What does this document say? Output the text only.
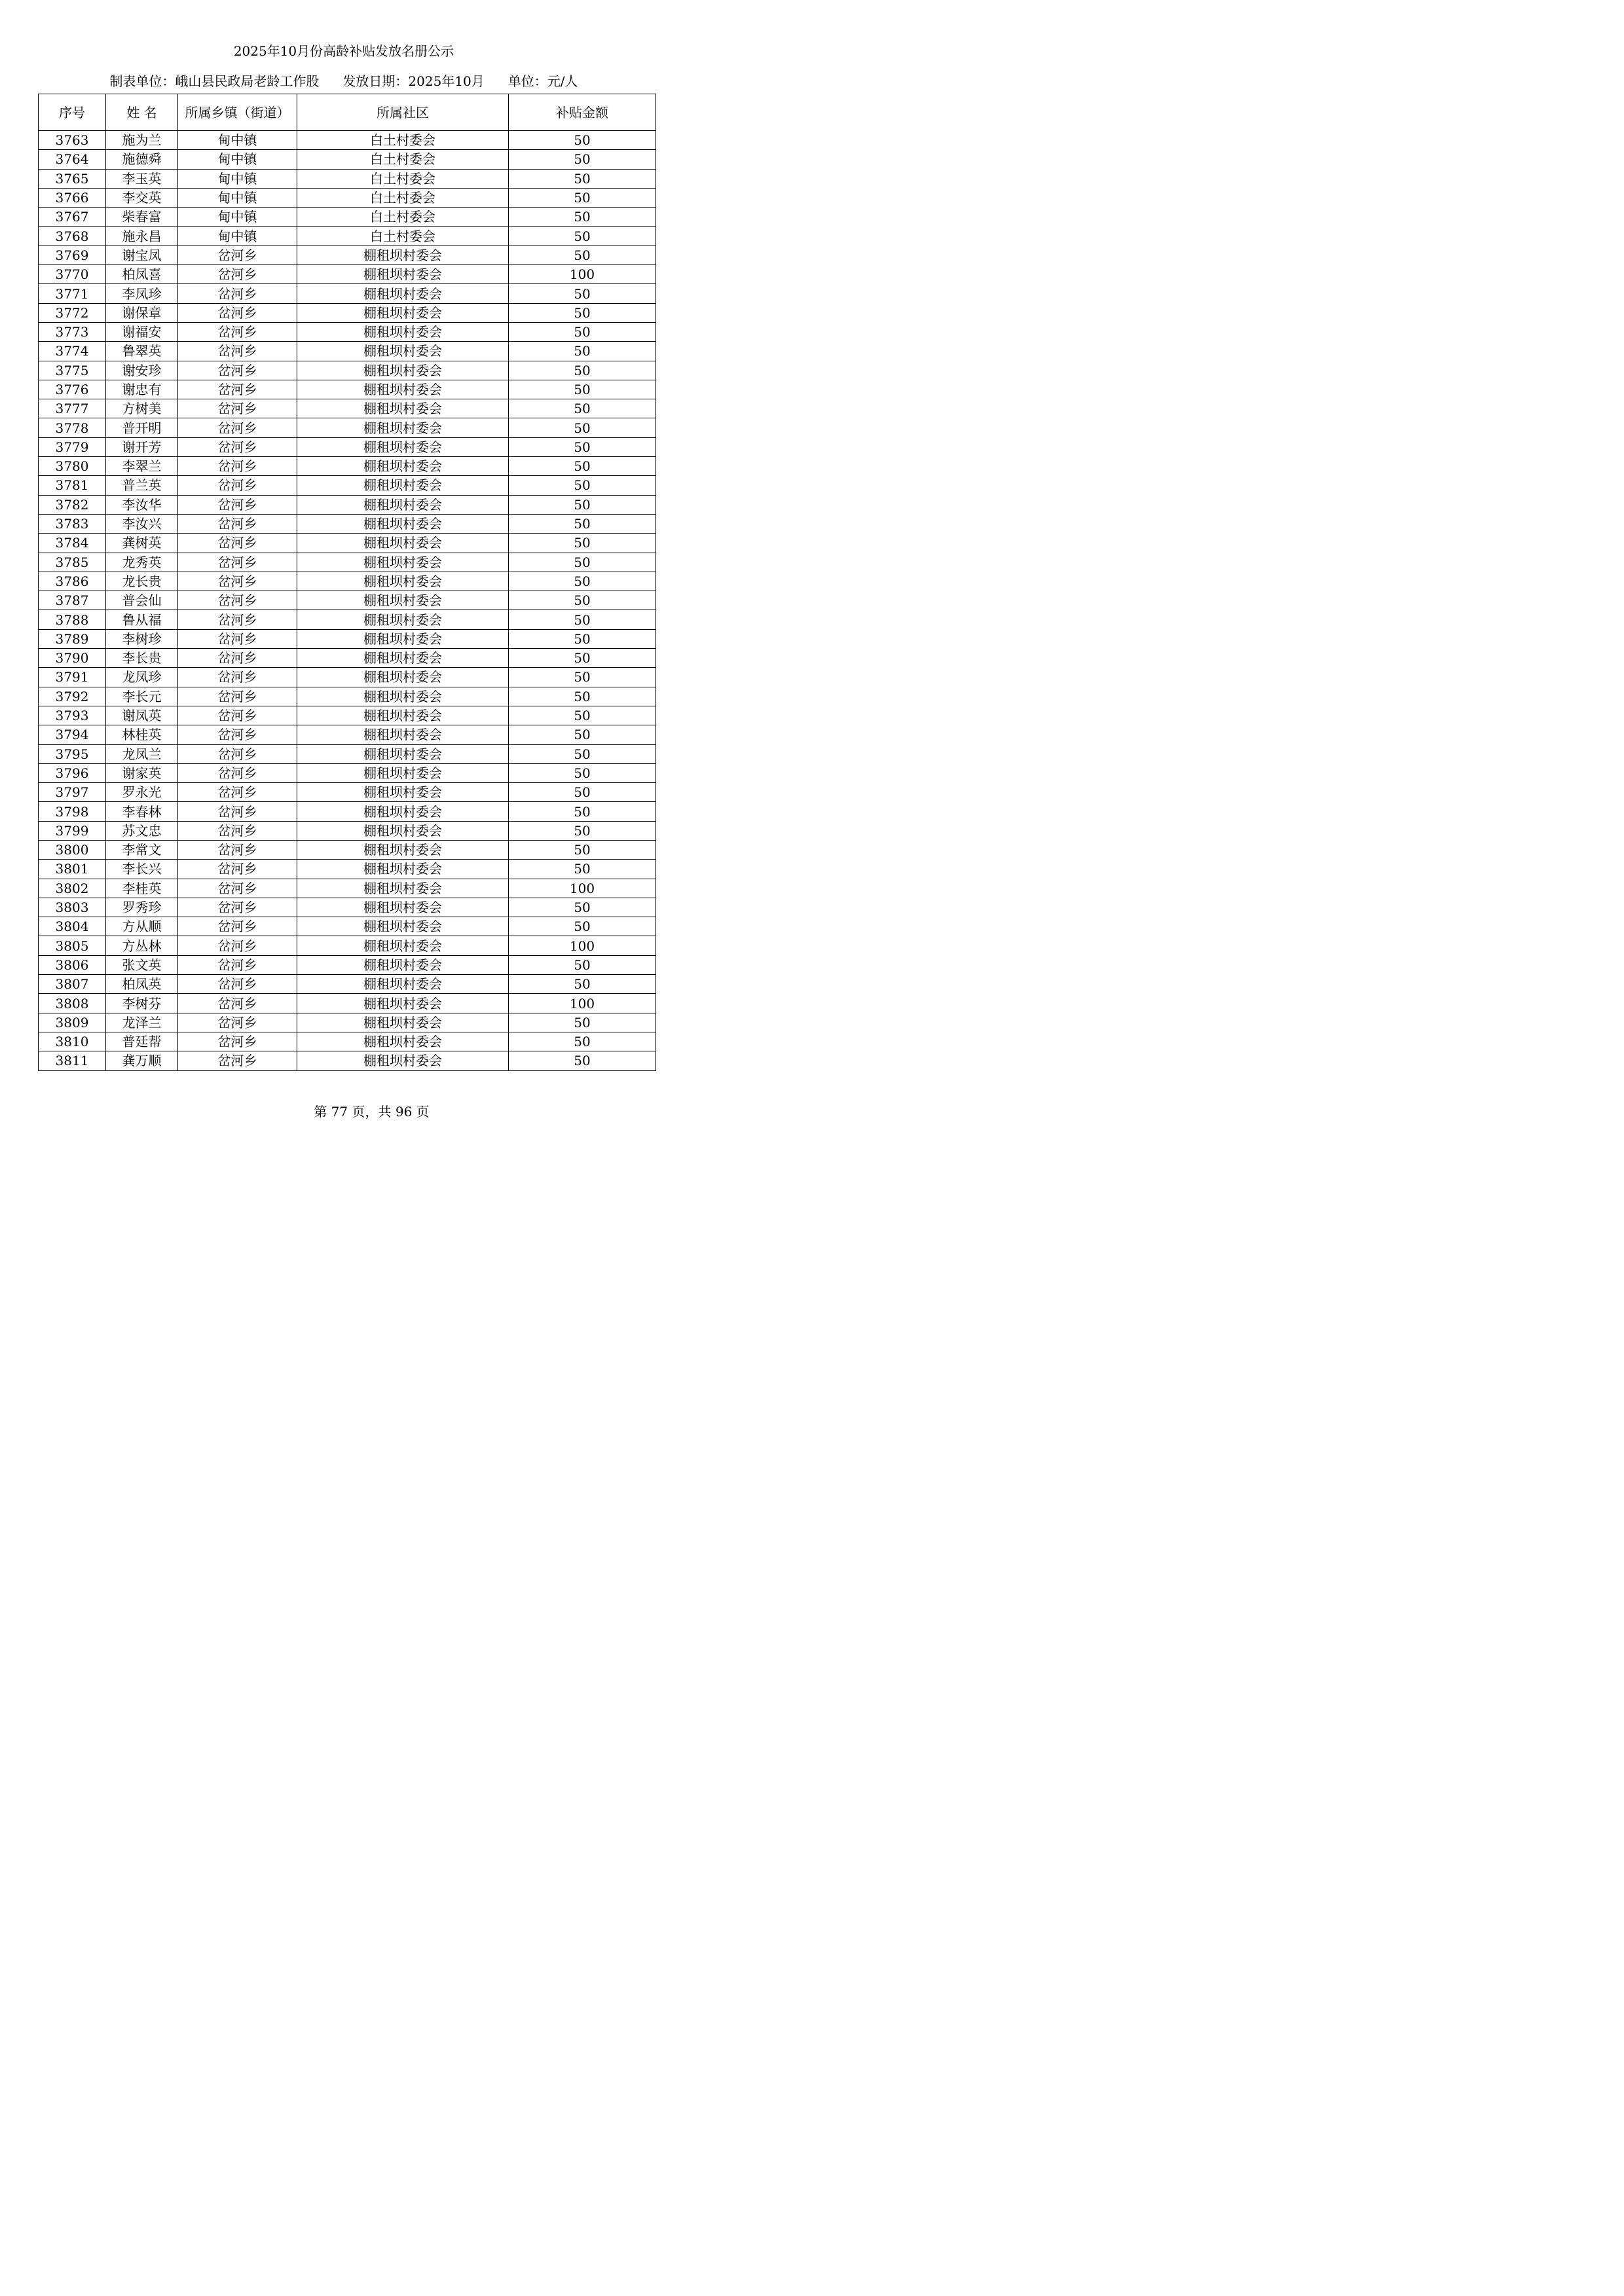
2025年10月份高龄补贴发放名册公示
制表单位：峨山县民政局老龄工作股 发放日期：2025年10月 单位：元/人
序号	姓 名	所属乡镇（街道）	所属社区	补贴金额
3763	施为兰	甸中镇	白土村委会	50
3764	施德舜	甸中镇	白土村委会	50
3765	李玉英	甸中镇	白土村委会	50
3766	李交英	甸中镇	白土村委会	50
3767	柴春富	甸中镇	白土村委会	50
3768	施永昌	甸中镇	白土村委会	50
3769	谢宝凤	岔河乡	棚租坝村委会	50
3770	柏凤喜	岔河乡	棚租坝村委会	100
3771	李凤珍	岔河乡	棚租坝村委会	50
3772	谢保章	岔河乡	棚租坝村委会	50
3773	谢福安	岔河乡	棚租坝村委会	50
3774	鲁翠英	岔河乡	棚租坝村委会	50
3775	谢安珍	岔河乡	棚租坝村委会	50
3776	谢忠有	岔河乡	棚租坝村委会	50
3777	方树美	岔河乡	棚租坝村委会	50
3778	普开明	岔河乡	棚租坝村委会	50
3779	谢开芳	岔河乡	棚租坝村委会	50
3780	李翠兰	岔河乡	棚租坝村委会	50
3781	普兰英	岔河乡	棚租坝村委会	50
3782	李汝华	岔河乡	棚租坝村委会	50
3783	李汝兴	岔河乡	棚租坝村委会	50
3784	龚树英	岔河乡	棚租坝村委会	50
3785	龙秀英	岔河乡	棚租坝村委会	50
3786	龙长贵	岔河乡	棚租坝村委会	50
3787	普会仙	岔河乡	棚租坝村委会	50
3788	鲁从福	岔河乡	棚租坝村委会	50
3789	李树珍	岔河乡	棚租坝村委会	50
3790	李长贵	岔河乡	棚租坝村委会	50
3791	龙凤珍	岔河乡	棚租坝村委会	50
3792	李长元	岔河乡	棚租坝村委会	50
3793	谢凤英	岔河乡	棚租坝村委会	50
3794	林桂英	岔河乡	棚租坝村委会	50
3795	龙凤兰	岔河乡	棚租坝村委会	50
3796	谢家英	岔河乡	棚租坝村委会	50
3797	罗永光	岔河乡	棚租坝村委会	50
3798	李春林	岔河乡	棚租坝村委会	50
3799	苏文忠	岔河乡	棚租坝村委会	50
3800	李常文	岔河乡	棚租坝村委会	50
3801	李长兴	岔河乡	棚租坝村委会	50
3802	李桂英	岔河乡	棚租坝村委会	100
3803	罗秀珍	岔河乡	棚租坝村委会	50
3804	方从顺	岔河乡	棚租坝村委会	50
3805	方丛林	岔河乡	棚租坝村委会	100
3806	张文英	岔河乡	棚租坝村委会	50
3807	柏凤英	岔河乡	棚租坝村委会	50
3808	李树芬	岔河乡	棚租坝村委会	100
3809	龙泽兰	岔河乡	棚租坝村委会	50
3810	普廷帮	岔河乡	棚租坝村委会	50
3811	龚万顺	岔河乡	棚租坝村委会	50
第 77 页，共 96 页
